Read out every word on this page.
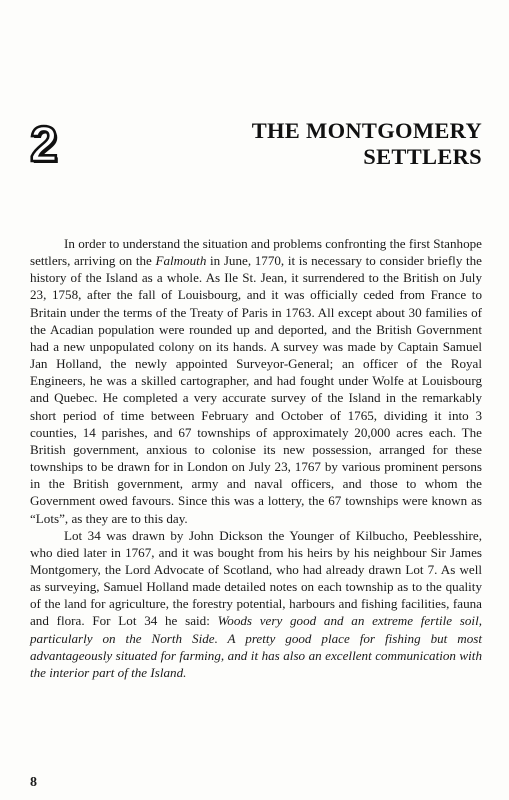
2	THE MONTGOMERY
SETTLERS

In order to understand the situation and problems confronting the first Stanhope settlers, arriving on the Falmouth in June, 1770, it is necessary to consider briefly the history of the Island as a whole. As Ile St. Jean, it surrendered to the British on July 23, 1758, after the fall of Louisbourg, and it was officially ceded from France to Britain under the terms of the Treaty of Paris in 1763. All except about 30 families of the Acadian population were rounded up and deported, and the British Government had a new unpopulated colony on its hands. A survey was made by Captain Samuel Jan Holland, the newly appointed Surveyor-General; an officer of the Royal Engineers, he was a skilled cartographer, and had fought under Wolfe at Louisbourg and Quebec. He completed a very accurate survey of the Island in the remarkably short period of time between February and October of 1765, dividing it into 3 counties, 14 parishes, and 67 townships of approximately 20,000 acres each. The British government, anxious to colonise its new possession, arranged for these townships to be drawn for in London on July 23, 1767 by various prominent persons in the British government, army and naval officers, and those to whom the Government owed favours. Since this was a lottery, the 67 townships were known as “Lots”, as they are to this day.

Lot 34 was drawn by John Dickson the Younger of Kilbucho, Peeblesshire, who died later in 1767, and it was bought from his heirs by his neighbour Sir James Montgomery, the Lord Advocate of Scotland, who had already drawn Lot 7. As well as surveying, Samuel Holland made detailed notes on each township as to the quality of the land for agriculture, the forestry potential, harbours and fishing facilities, fauna and flora. For Lot 34 he said: Woods very good and an extreme fertile soil, particularly on the North Side. A pretty good place for fishing but most advantageously situated for farming, and it has also an excellent communication with the interior part of the Island.

8
